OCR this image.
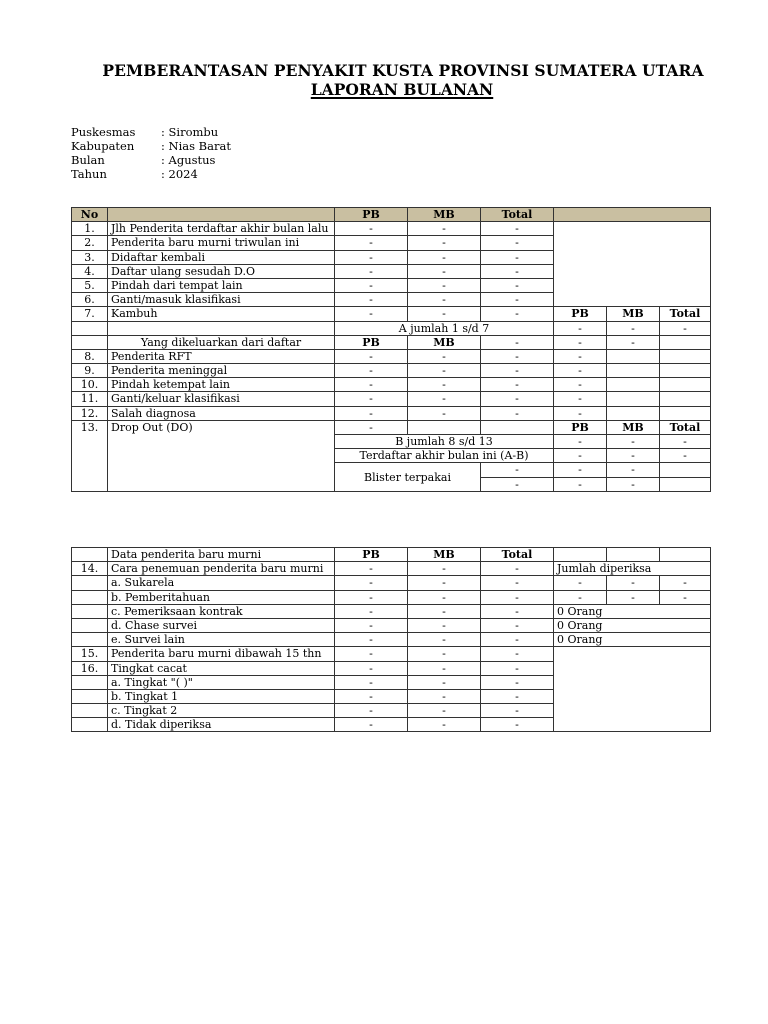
PEMBERANTASAN PENYAKIT KUSTA PROVINSI SUMATERA UTARA
LAPORAN BULANAN
Puskesmas	: Sirombu
Kabupaten	: Nias Barat
Bulan	: Agustus
Tahun	: 2024
No		PB	MB	Total			
1.	Jlh Penderita terdaftar akhir bulan lalu	-	-	-			
2.	Penderita baru murni triwulan ini	-	-	-			
3.	Didaftar kembali	-	-	-			
4.	Daftar ulang sesudah D.O	-	-	-			
5.	Pindah dari tempat lain	-	-	-			
6.	Ganti/masuk klasifikasi	-	-	-			
7.	Kambuh	-	-	-	PB	MB	Total
		A jumlah 1 s/d 7			-	-	-
	Yang dikeluarkan dari daftar	PB	MB	-	-	-	
8.	Penderita RFT	-	-	-	-		
9.	Penderita meninggal	-	-	-	-		
10.	Pindah ketempat lain	-	-	-	-		
11.	Ganti/keluar klasifikasi	-	-	-	-		
12.	Salah diagnosa	-	-	-	-		
13.	Drop Out (DO)	-			PB	MB	Total
		B jumlah 8 s/d 13			-	-	-
		Terdaftar akhir bulan ini (A-B)			-	-	-
		Blister terpakai		-	-	-	
				-	-	-	
	Data penderita baru murni	PB	MB	Total			
14.	Cara penemuan penderita baru murni	-	-	-	Jumlah diperiksa		
	a. Sukarela	-	-	-	-	-	-
	b. Pemberitahuan	-	-	-	-	-	-
	c. Pemeriksaan kontrak	-	-	-	0 Orang		
	d. Chase survei	-	-	-	0 Orang		
	e. Survei lain	-	-	-	0 Orang		
15.	Penderita baru murni dibawah 15 thn	-	-	-			
16.	Tingkat cacat	-	-	-			
	a. Tingkat "( )"	-	-	-			
	b. Tingkat 1	-	-	-			
	c. Tingkat 2	-	-	-			
	d. Tidak diperiksa	-	-	-			
